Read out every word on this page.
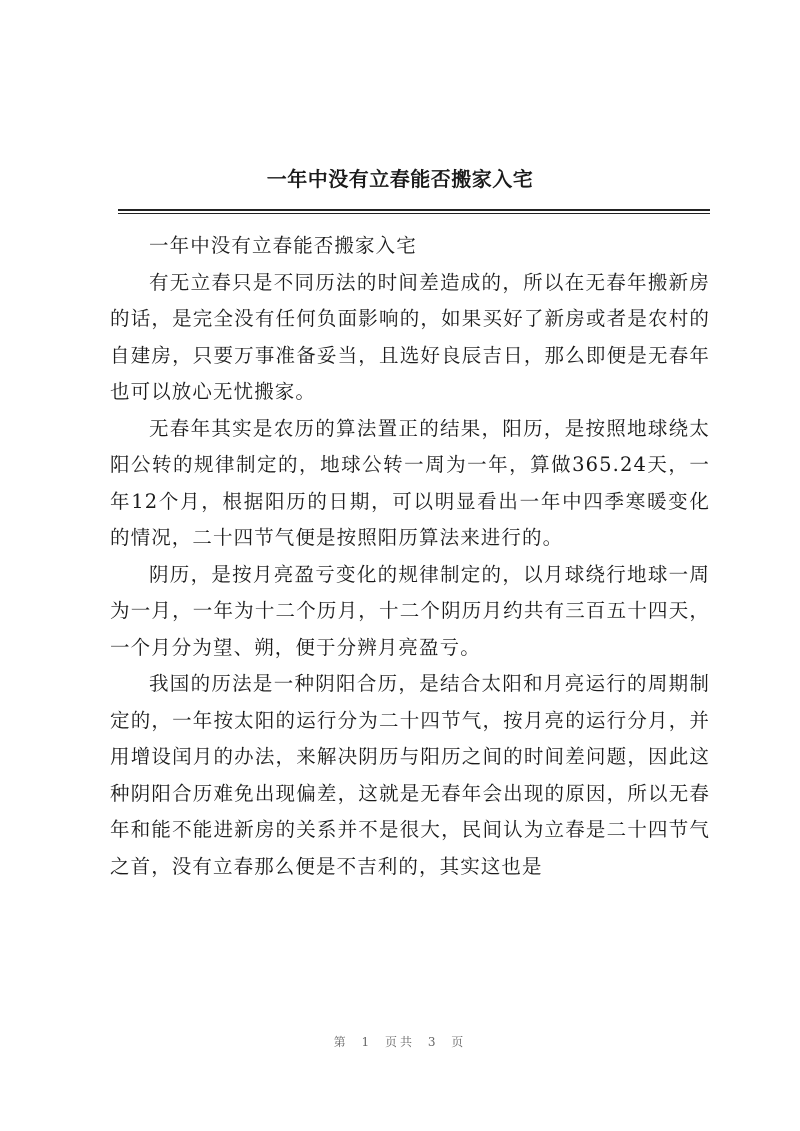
一年中没有立春能否搬家入宅

一年中没有立春能否搬家入宅

有无立春只是不同历法的时间差造成的，所以在无春年搬新房的话，是完全没有任何负面影响的，如果买好了新房或者是农村的自建房，只要万事准备妥当，且选好良辰吉日，那么即便是无春年也可以放心无忧搬家。

无春年其实是农历的算法置正的结果，阳历，是按照地球绕太阳公转的规律制定的，地球公转一周为一年，算做365.24天，一年12个月，根据阳历的日期，可以明显看出一年中四季寒暖变化的情况，二十四节气便是按照阳历算法来进行的。

阴历，是按月亮盈亏变化的规律制定的，以月球绕行地球一周为一月，一年为十二个历月，十二个阴历月约共有三百五十四天，一个月分为望、朔，便于分辨月亮盈亏。

我国的历法是一种阴阳合历，是结合太阳和月亮运行的周期制定的，一年按太阳的运行分为二十四节气，按月亮的运行分月，并用增设闰月的办法，来解决阴历与阳历之间的时间差问题，因此这种阴阳合历难免出现偏差，这就是无春年会出现的原因，所以无春年和能不能进新房的关系并不是很大，民间认为立春是二十四节气之首，没有立春那么便是不吉利的，其实这也是

第 1 页共 3 页
